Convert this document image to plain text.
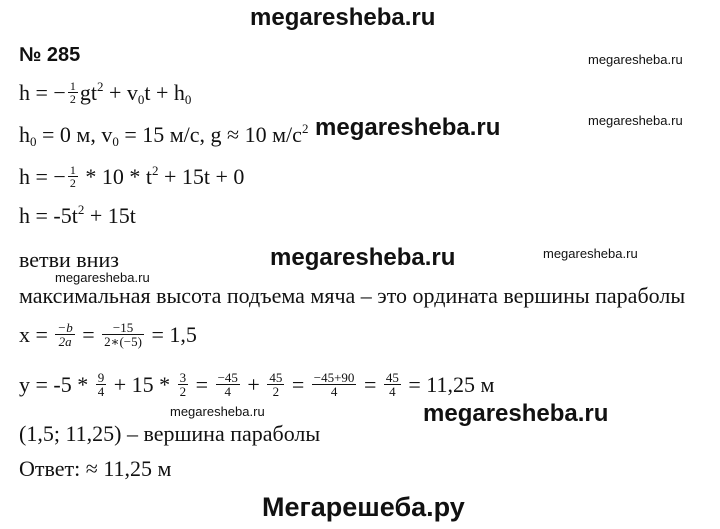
megaresheba.ru
megaresheba.ru
megaresheba.ru
megaresheba.ru
megaresheba.ru	megaresheba.ru
megaresheba.ru
megaresheba.ru	megaresheba.ru
Мегарешеба.ру
№ 285
h = − $\frac{1}{2} gt^2 + v_0t + h_0$
$h_0 = 0$ м, $v_0 = 15$ м/с, g ≈ 10 $м/с^2$
h = − $\frac{1}{2} * 10 * t^2 + 15t + 0$
$h = -5t^2 + 15t$
ветви вниз
максимальная высота подъема мяча – это ордината вершины параболы
$x = \frac{-b}{2a} = \frac{-15}{2∗(-5)} = 1,5$
$y = -5 * \frac{9}{4} + 15 * \frac{3}{2} = \frac{-45}{4} + \frac{45}{2} = \frac{-45+90}{4} = \frac{45}{4} = 11,25$ м
(1,5; 11,25) – вершина параболы
Ответ: ≈ 11,25 м
